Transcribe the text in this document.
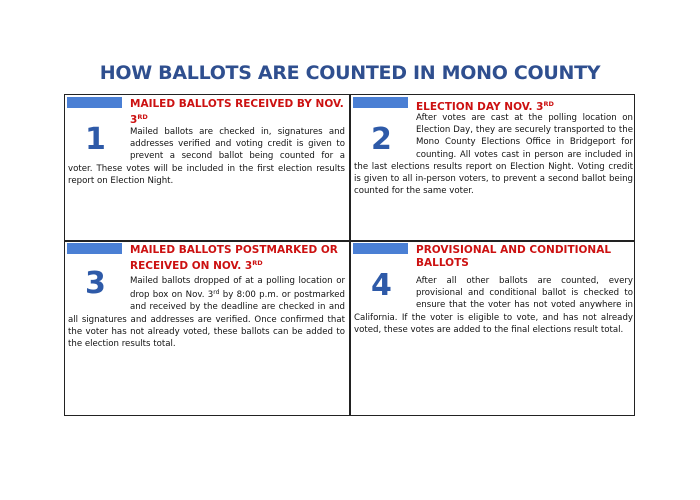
HOW BALLOTS ARE COUNTED IN MONO COUNTY
1
MAILED BALLOTS RECEIVED BY NOV. 3RD

Mailed ballots are checked in, signatures and addresses verified and voting credit is given to prevent a second ballot being counted for a voter. These votes will be included in the first election results report on Election Night.

2
ELECTION DAY NOV. 3RD

After votes are cast at the polling location on Election Day, they are securely transported to the Mono County Elections Office in Bridgeport for counting. All votes cast in person are included in the last elections results report on Election Night. Voting credit is given to all in-person voters, to prevent a second ballot being counted for the same voter.

3
MAILED BALLOTS POSTMARKED OR RECEIVED ON NOV. 3RD

Mailed ballots dropped of at a polling location or drop box on Nov. 3rd by 8:00 p.m. or postmarked and received by the deadline are checked in and all signatures and addresses are verified. Once confirmed that the voter has not already voted, these ballots can be added to the election results total.

4
PROVISIONAL AND CONDITIONAL BALLOTS

After all other ballots are counted, every provisional and conditional ballot is checked to ensure that the voter has not voted anywhere in California. If the voter is eligible to vote, and has not already voted, these votes are added to the final elections result total.
